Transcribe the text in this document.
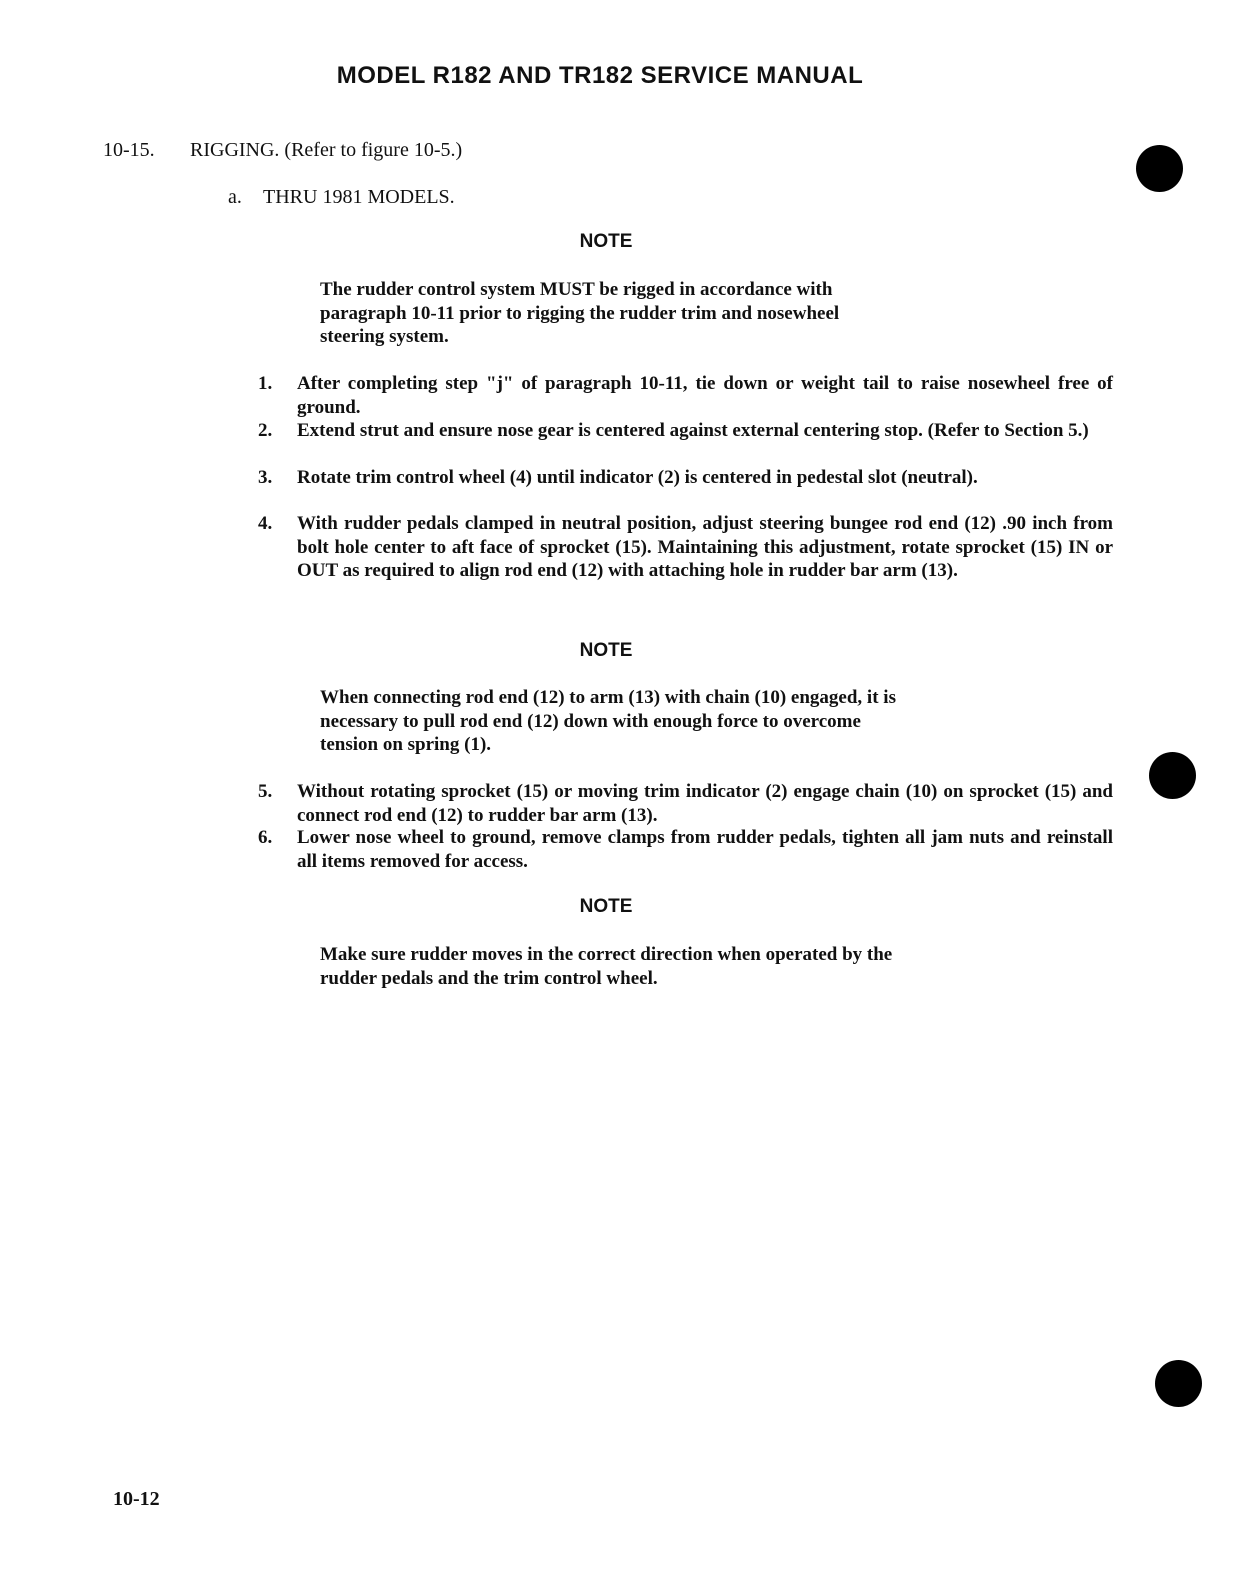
MODEL R182 AND TR182 SERVICE MANUAL
10-15. RIGGING. (Refer to figure 10-5.)
a. THRU 1981 MODELS.
NOTE
The rudder control system MUST be rigged in accordance with paragraph 10-11 prior to rigging the rudder trim and nosewheel steering system.
1.	After completing step "j" of paragraph 10-11, tie down or weight tail to raise nosewheel free of ground.
2.	Extend strut and ensure nose gear is centered against external centering stop. (Refer to Section 5.)
3.	Rotate trim control wheel (4) until indicator (2) is centered in pedestal slot (neutral).
4.	With rudder pedals clamped in neutral position, adjust steering bungee rod end (12) .90 inch from bolt hole center to aft face of sprocket (15). Maintaining this adjustment, rotate sprocket (15) IN or OUT as required to align rod end (12) with attaching hole in rudder bar arm (13).
NOTE
When connecting rod end (12) to arm (13) with chain (10) engaged, it is necessary to pull rod end (12) down with enough force to overcome tension on spring (1).
5.	Without rotating sprocket (15) or moving trim indicator (2) engage chain (10) on sprocket (15) and connect rod end (12) to rudder bar arm (13).
6.	Lower nose wheel to ground, remove clamps from rudder pedals, tighten all jam nuts and reinstall all items removed for access.
NOTE
Make sure rudder moves in the correct direction when operated by the rudder pedals and the trim control wheel.
10-12
